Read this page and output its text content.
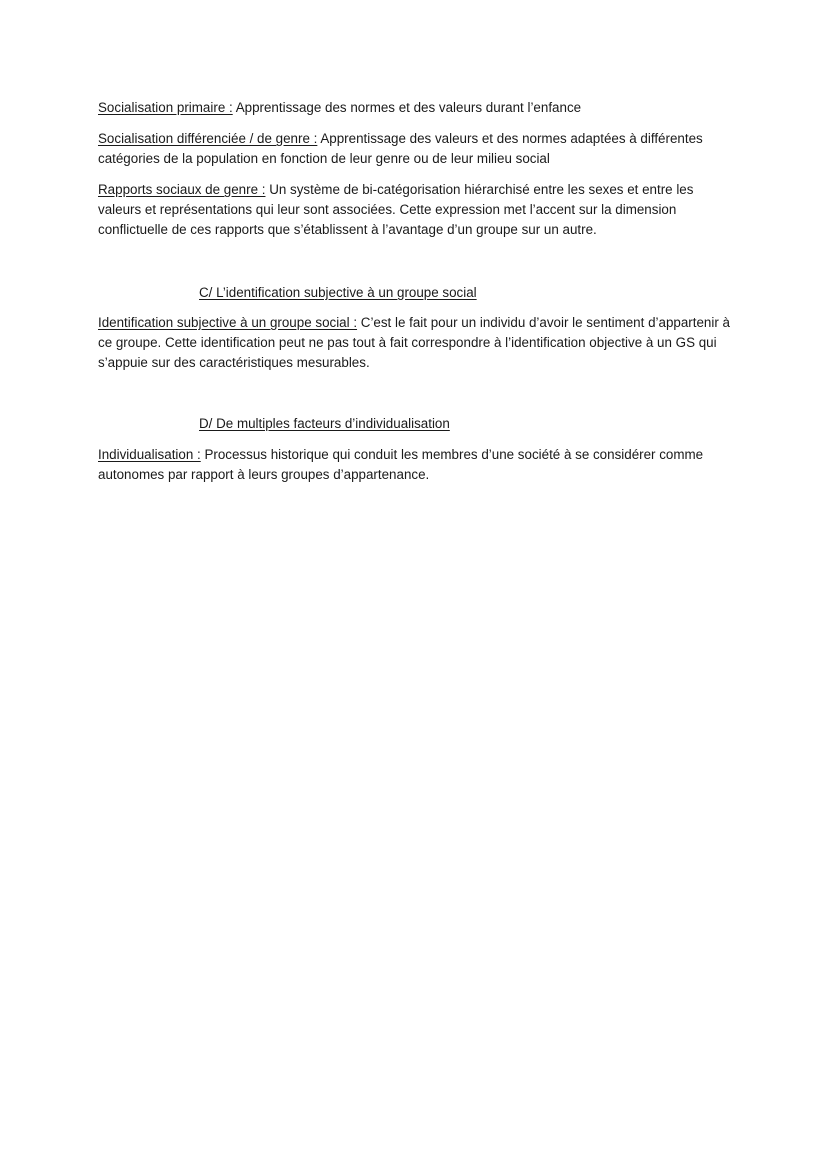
Socialisation primaire : Apprentissage des normes et des valeurs durant l’enfance

Socialisation différenciée / de genre : Apprentissage des valeurs et des normes adaptées à différentes catégories de la population en fonction de leur genre ou de leur milieu social

Rapports sociaux de genre : Un système de bi-catégorisation hiérarchisé entre les sexes et entre les valeurs et représentations qui leur sont associées. Cette expression met l’accent sur la dimension conflictuelle de ces rapports que s’établissent à l’avantage d’un groupe sur un autre.

C/ L’identification subjective à un groupe social

Identification subjective à un groupe social : C’est le fait pour un individu d’avoir le sentiment d’appartenir à ce groupe. Cette identification peut ne pas tout à fait correspondre à l’identification objective à un GS qui s’appuie sur des caractéristiques mesurables.

D/ De multiples facteurs d’individualisation

Individualisation : Processus historique qui conduit les membres d’une société à se considérer comme autonomes par rapport à leurs groupes d’appartenance.
